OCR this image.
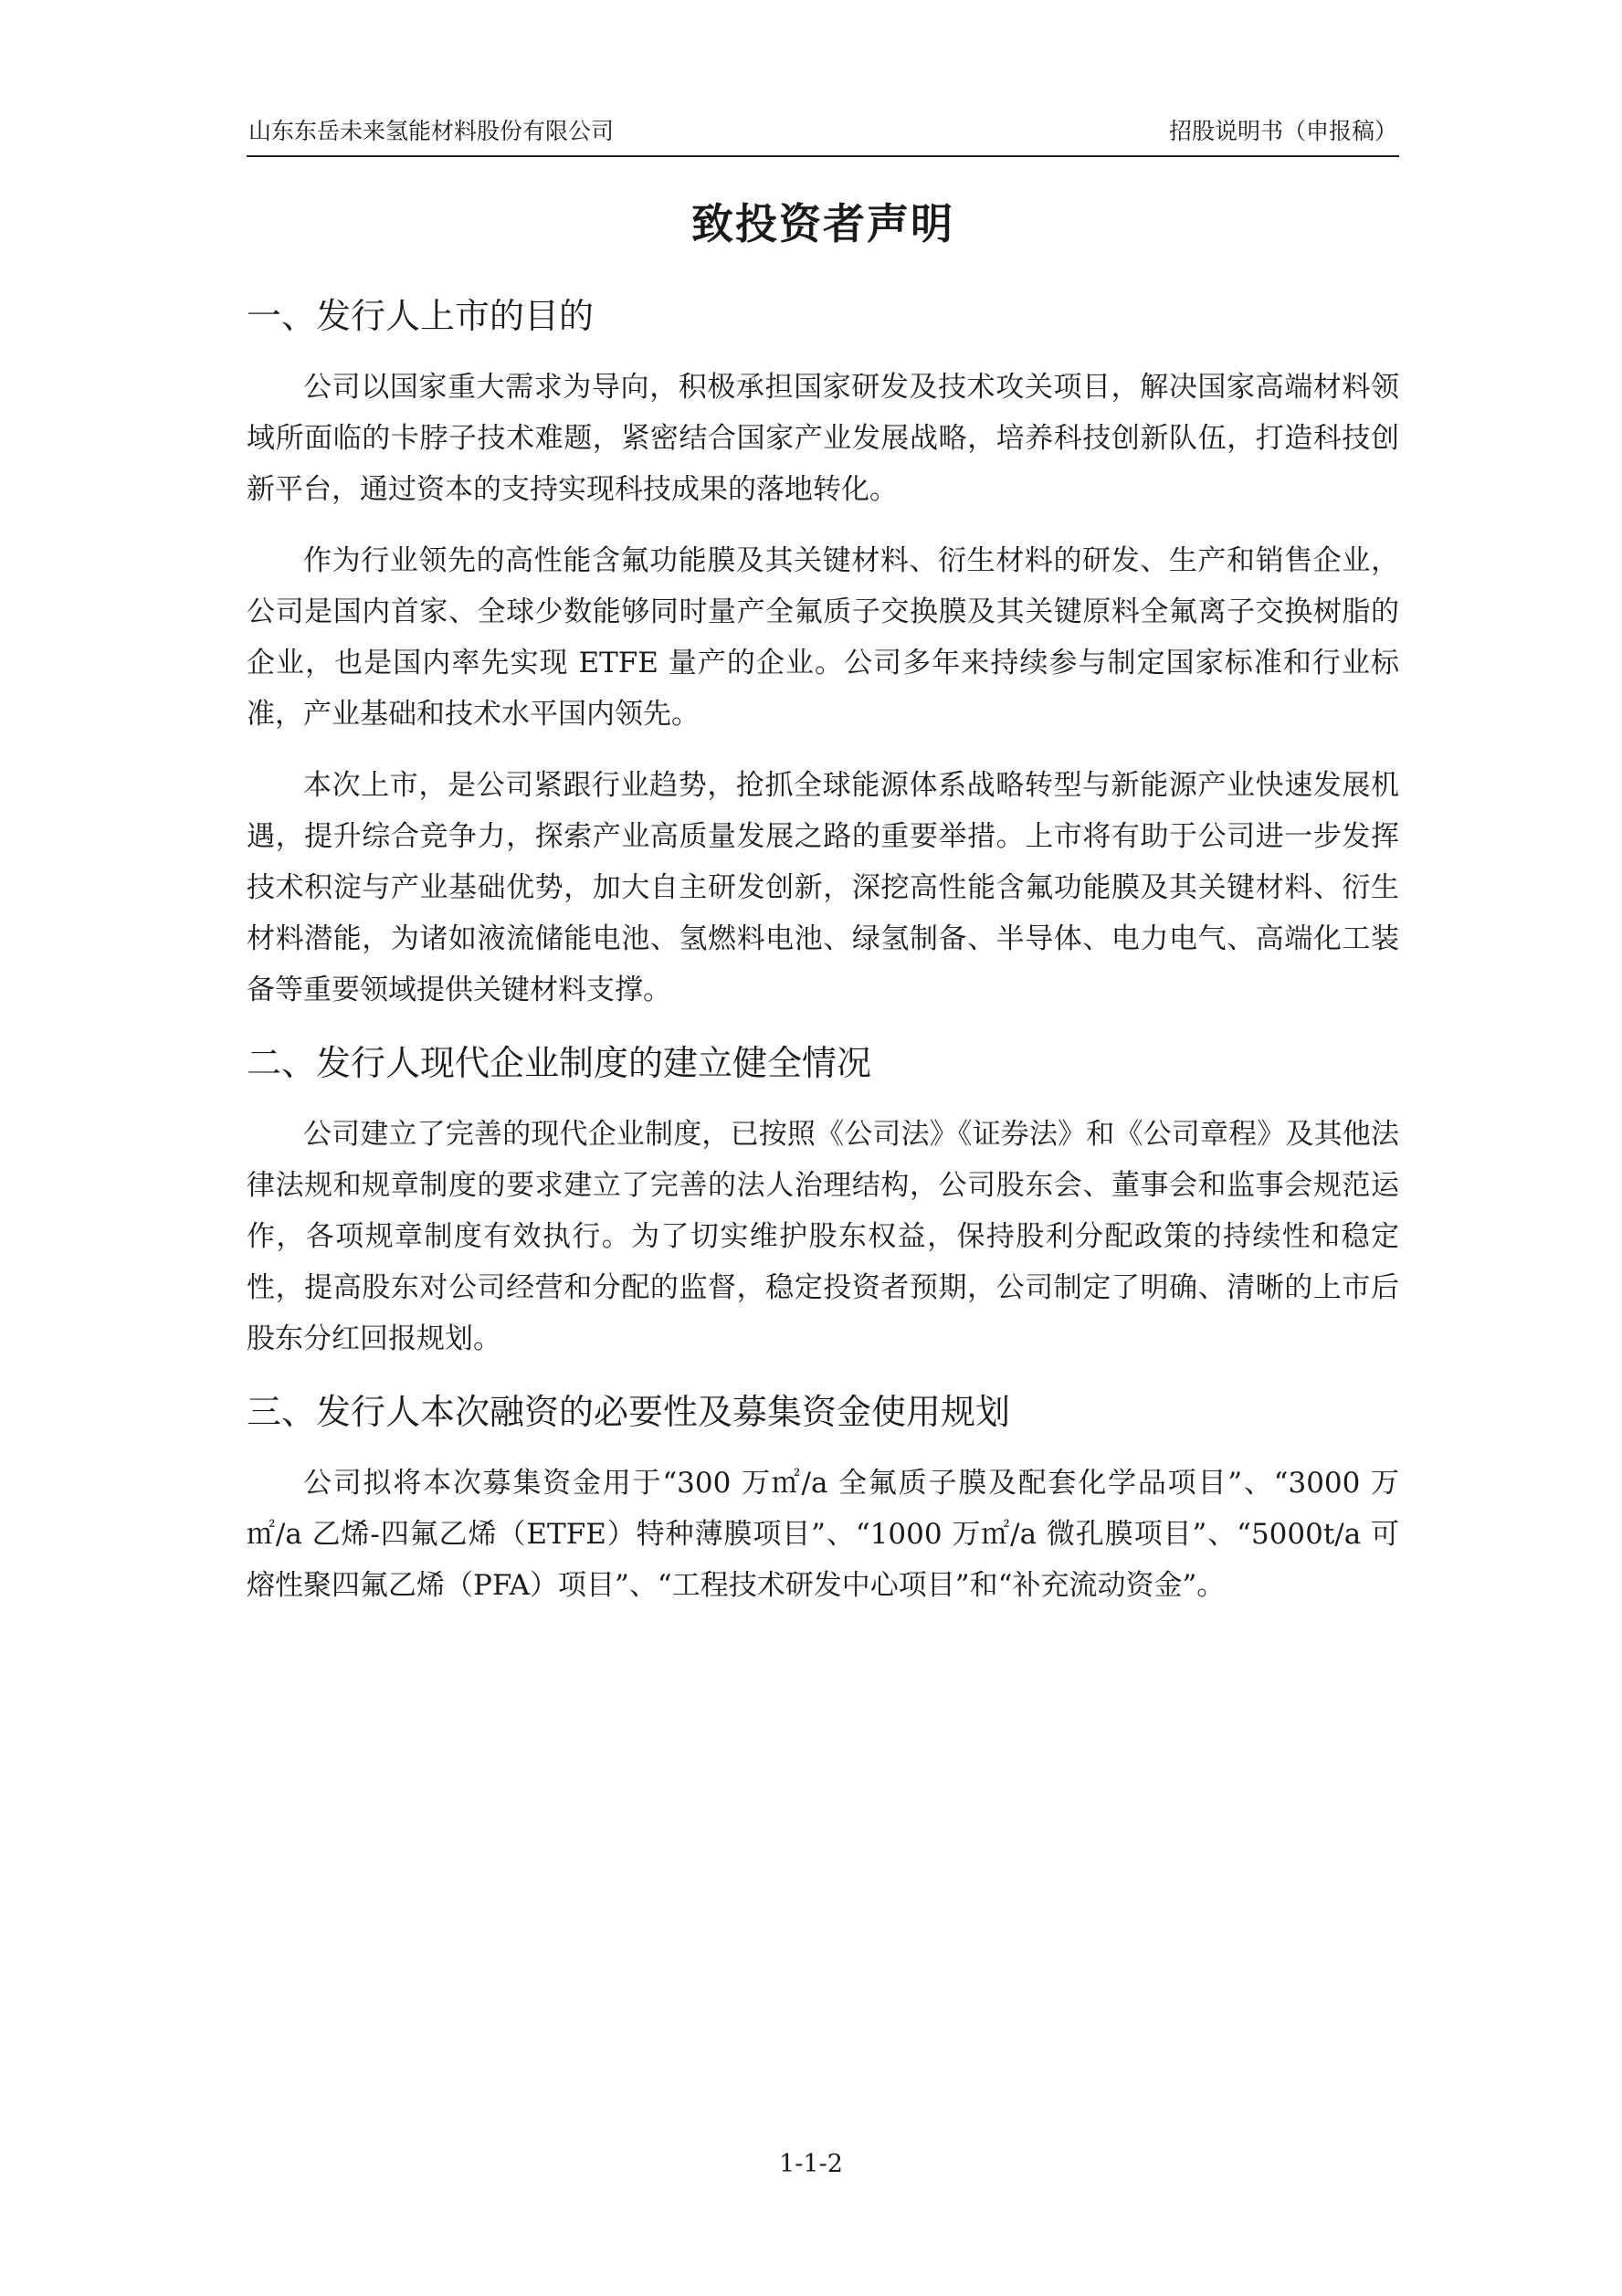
山东东岳未来氢能材料股份有限公司	招股说明书（申报稿）
致投资者声明
一、发行人上市的目的

公司以国家重大需求为导向，积极承担国家研发及技术攻关项目，解决国家高端材料领域所面临的卡脖子技术难题，紧密结合国家产业发展战略，培养科技创新队伍，打造科技创新平台，通过资本的支持实现科技成果的落地转化。

作为行业领先的高性能含氟功能膜及其关键材料、衍生材料的研发、生产和销售企业，公司是国内首家、全球少数能够同时量产全氟质子交换膜及其关键原料全氟离子交换树脂的企业，也是国内率先实现 ETFE 量产的企业。公司多年来持续参与制定国家标准和行业标准，产业基础和技术水平国内领先。

本次上市，是公司紧跟行业趋势，抢抓全球能源体系战略转型与新能源产业快速发展机遇，提升综合竞争力，探索产业高质量发展之路的重要举措。上市将有助于公司进一步发挥技术积淀与产业基础优势，加大自主研发创新，深挖高性能含氟功能膜及其关键材料、衍生材料潜能，为诸如液流储能电池、氢燃料电池、绿氢制备、半导体、电力电气、高端化工装备等重要领域提供关键材料支撑。

二、发行人现代企业制度的建立健全情况

公司建立了完善的现代企业制度，已按照《公司法》《证券法》和《公司章程》及其他法律法规和规章制度的要求建立了完善的法人治理结构，公司股东会、董事会和监事会规范运作，各项规章制度有效执行。为了切实维护股东权益，保持股利分配政策的持续性和稳定性，提高股东对公司经营和分配的监督，稳定投资者预期，公司制定了明确、清晰的上市后股东分红回报规划。

三、发行人本次融资的必要性及募集资金使用规划

公司拟将本次募集资金用于“300 万㎡/a 全氟质子膜及配套化学品项目”、“3000 万㎡/a 乙烯-四氟乙烯（ETFE）特种薄膜项目”、“1000 万㎡/a 微孔膜项目”、“5000t/a 可熔性聚四氟乙烯（PFA）项目”、“工程技术研发中心项目”和“补充流动资金”。

1-1-2
